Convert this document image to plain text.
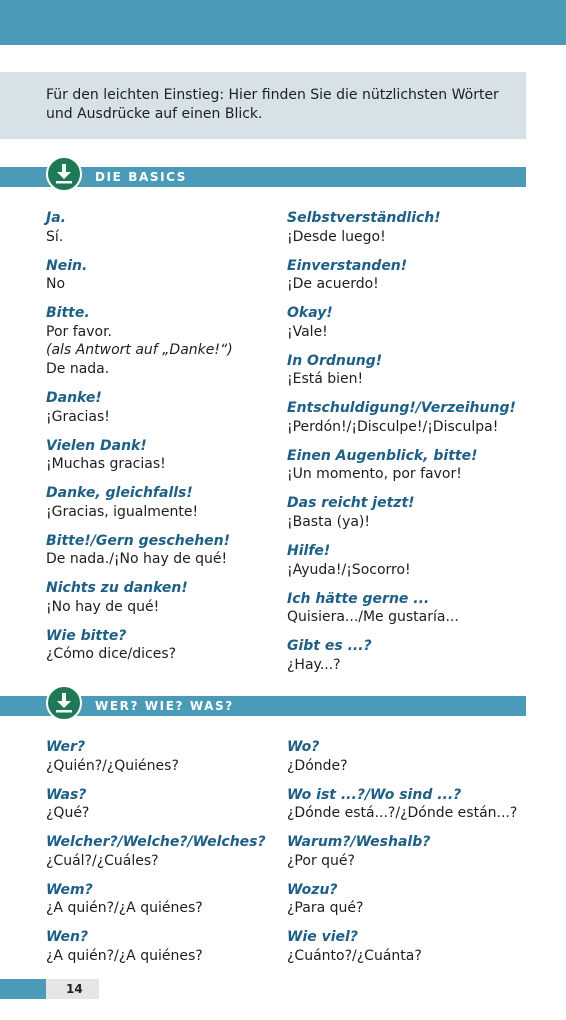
Für den leichten Einstieg: Hier finden Sie die nützlichsten Wörter und Ausdrücke auf einen Blick.
DIE BASICS
Ja.
Sí.
Nein.
No
Bitte.
Por favor.
(als Antwort auf „Danke!“)
De nada.
Danke!
¡Gracias!
Vielen Dank!
¡Muchas gracias!
Danke, gleichfalls!
¡Gracias, igualmente!
Bitte!/Gern geschehen!
De nada./¡No hay de qué!
Nichts zu danken!
¡No hay de qué!
Wie bitte?
¿Cómo dice/dices?
Selbstverständlich!
¡Desde luego!
Einverstanden!
¡De acuerdo!
Okay!
¡Vale!
In Ordnung!
¡Está bien!
Entschuldigung!/Verzeihung!
¡Perdón!/¡Disculpe!/¡Disculpa!
Einen Augenblick, bitte!
¡Un momento, por favor!
Das reicht jetzt!
¡Basta (ya)!
Hilfe!
¡Ayuda!/¡Socorro!
Ich hätte gerne ...
Quisiera.../Me gustaría...
Gibt es ...?
¿Hay...?
WER? WIE? WAS?
Wer?
¿Quién?/¿Quiénes?
Was?
¿Qué?
Welcher?/Welche?/Welches?
¿Cuál?/¿Cuáles?
Wem?
¿A quién?/¿A quiénes?
Wen?
¿A quién?/¿A quiénes?
Wo?
¿Dónde?
Wo ist ...?/Wo sind ...?
¿Dónde está...?/¿Dónde están...?
Warum?/Weshalb?
¿Por qué?
Wozu?
¿Para qué?
Wie viel?
¿Cuánto?/¿Cuánta?
14
